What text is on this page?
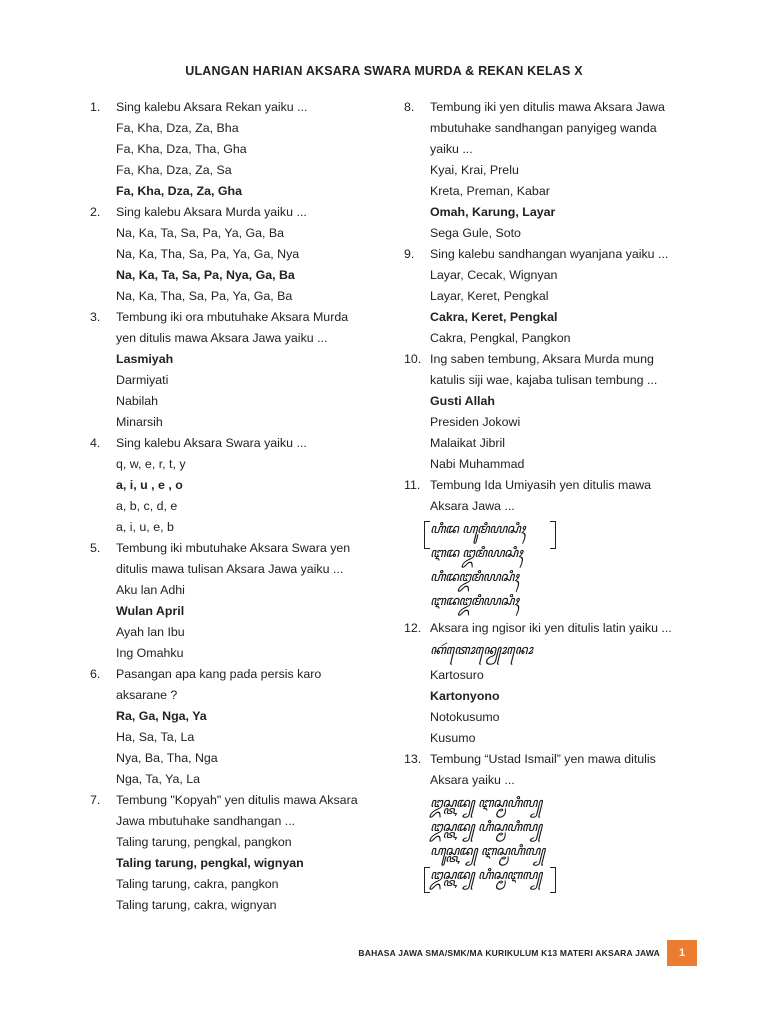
ULANGAN HARIAN AKSARA SWARA MURDA & REKAN KELAS X
1.	Sing kalebu Aksara Rekan yaiku ...
Fa, Kha, Dza, Za, Bha
Fa, Kha, Dza, Tha, Gha
Fa, Kha, Dza, Za, Sa
Fa, Kha, Dza, Za, Gha
2.	Sing kalebu Aksara Murda yaiku ...
Na, Ka, Ta, Sa, Pa, Ya, Ga, Ba
Na, Ka, Tha, Sa, Pa, Ya, Ga, Nya
Na, Ka, Ta, Sa, Pa, Nya, Ga, Ba
Na, Ka, Tha, Sa, Pa, Ya, Ga, Ba
3.	Tembung iki ora mbutuhake Aksara Murda
yen ditulis mawa Aksara Jawa yaiku ...
Lasmiyah
Darmiyati
Nabilah
Minarsih
4.	Sing kalebu Aksara Swara yaiku ...
q, w, e, r, t, y
a, i, u , e , o
a, b, c, d, e
a, i, u, e, b
5.	Tembung iki mbutuhake Aksara Swara yen
ditulis mawa tulisan Aksara Jawa yaiku ...
Aku lan Adhi
Wulan April
Ayah lan Ibu
Ing Omahku
6.	Pasangan apa kang pada persis karo
aksarane ?
Ra, Ga, Nga, Ya
Ha, Sa, Ta, La
Nya, Ba, Tha, Nga
Nga, Ta, Ya, La
7.	Tembung "Kopyah" yen ditulis mawa Aksara
Jawa mbutuhake sandhangan ...
Taling tarung, pengkal, pangkon
Taling tarung, pengkal, wignyan
Taling tarung, cakra, pangkon
Taling tarung, cakra, wignyan
8.	Tembung iki yen ditulis mawa Aksara Jawa
mbutuhake sandhangan panyigeg wanda
yaiku ...
Kyai, Krai, Prelu
Kreta, Preman, Kabar
Omah, Karung, Layar
Sega Gule, Soto
9.	Sing kalebu sandhangan wyanjana yaiku ...
Layar, Cecak, Wignyan
Layar, Keret, Pengkal
Cakra, Keret, Pengkal
Cakra, Pengkal, Pangkon
10. Ing saben tembung, Aksara Murda mung
katulis siji wae, kajaba tulisan tembung ...
Gusti Allah
Presiden Jokowi
Malaikat Jibril
Nabi Muhammad
11. Tembung Ida Umiyasih yen ditulis mawa
Aksara Jawa ...
ꦲꦶꦢ ꦲꦸꦩꦶꦪꦱꦶꦃ
ꦆꦢ ꦈꦩꦶꦪꦱꦶꦃ
ꦲꦶꦢꦈꦩꦶꦪꦱꦶꦃ
ꦆꦢꦈꦩꦶꦪꦱꦶꦃ
12. Aksara ing ngisor iki yen ditulis latin yaiku ...
ꦏꦂꦠꦺꦴꦤꦾꦺꦴꦤꦺꦴ
Kartosuro
Kartonyono
Notokusumo
Kusumo
13. Tembung “Ustad Ismail” yen mawa ditulis
Aksara yaiku ...
ꦈꦱ꧀ꦠꦢ꧀ ꦆꦱ꧀ꦩꦲꦶꦭ꧀
ꦈꦱ꧀ꦠꦢ꧀ ꦲꦶꦱ꧀ꦩꦲꦶꦭ꧀
ꦲꦸꦱ꧀ꦠꦢ꧀ ꦆꦱ꧀ꦩꦲꦶꦭ꧀
ꦈꦱ꧀ꦠꦢ꧀ ꦲꦶꦱ꧀ꦩꦆꦭ꧀
BAHASA JAWA SMA/SMK/MA KURIKULUM K13 MATERI AKSARA JAWA 1
